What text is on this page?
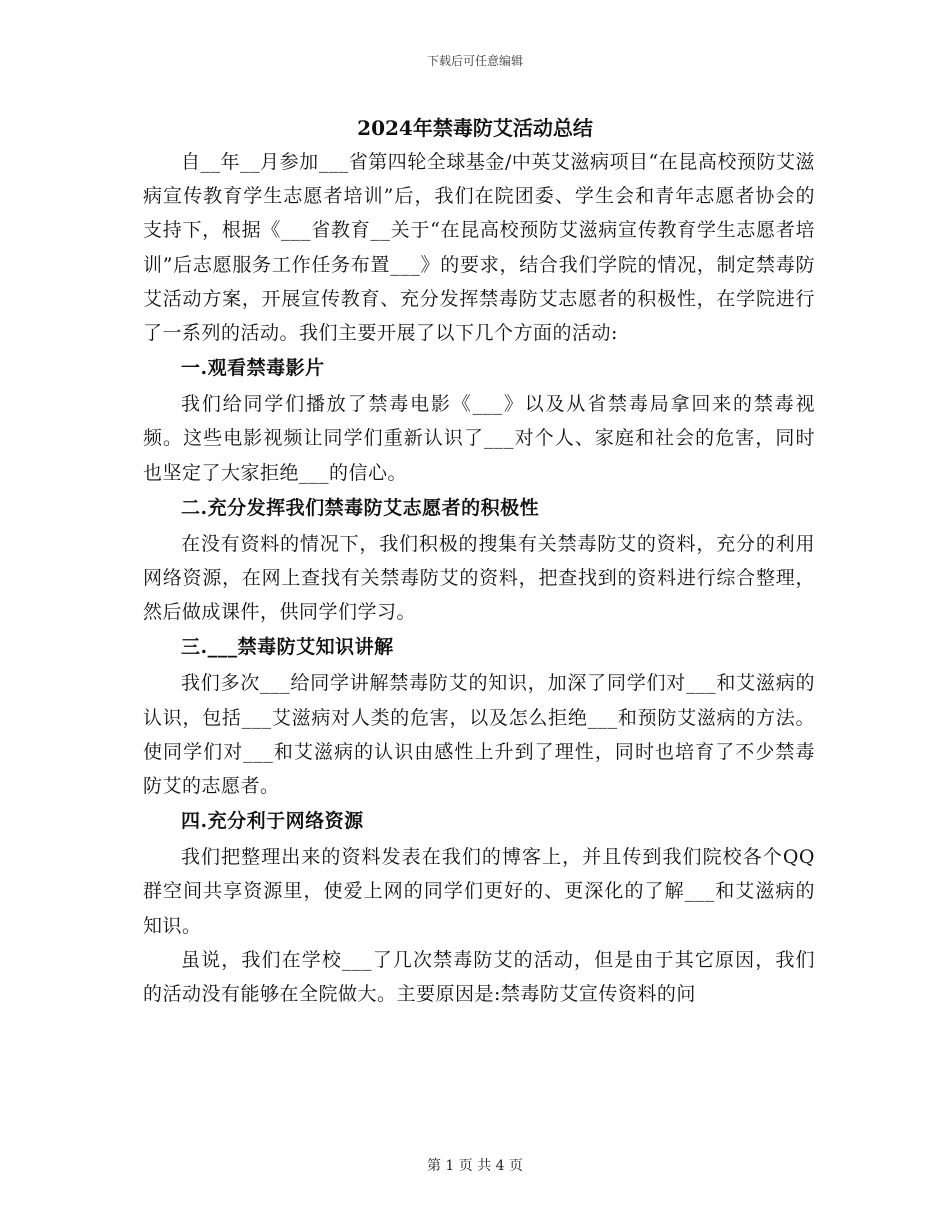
下载后可任意编辑
2024年禁毒防艾活动总结

自__年__月参加___省第四轮全球基金/中英艾滋病项目“在昆高校预防艾滋病宣传教育学生志愿者培训”后，我们在院团委、学生会和青年志愿者协会的支持下，根据《___省教育__关于“在昆高校预防艾滋病宣传教育学生志愿者培训”后志愿服务工作任务布置___》的要求，结合我们学院的情况，制定禁毒防艾活动方案，开展宣传教育、充分发挥禁毒防艾志愿者的积极性，在学院进行了一系列的活动。我们主要开展了以下几个方面的活动:

一.观看禁毒影片

我们给同学们播放了禁毒电影《___》以及从省禁毒局拿回来的禁毒视频。这些电影视频让同学们重新认识了___对个人、家庭和社会的危害，同时也坚定了大家拒绝___的信心。

二.充分发挥我们禁毒防艾志愿者的积极性

在没有资料的情况下，我们积极的搜集有关禁毒防艾的资料，充分的利用网络资源，在网上查找有关禁毒防艾的资料，把查找到的资料进行综合整理，然后做成课件，供同学们学习。

三.___禁毒防艾知识讲解

我们多次___给同学讲解禁毒防艾的知识，加深了同学们对___和艾滋病的认识，包括___艾滋病对人类的危害，以及怎么拒绝___和预防艾滋病的方法。使同学们对___和艾滋病的认识由感性上升到了理性，同时也培育了不少禁毒防艾的志愿者。

四.充分利于网络资源

我们把整理出来的资料发表在我们的博客上，并且传到我们院校各个QQ群空间共享资源里，使爱上网的同学们更好的、更深化的了解___和艾滋病的知识。

虽说，我们在学校___了几次禁毒防艾的活动，但是由于其它原因，我们的活动没有能够在全院做大。主要原因是:禁毒防艾宣传资料的问

第 1 页 共 4 页
